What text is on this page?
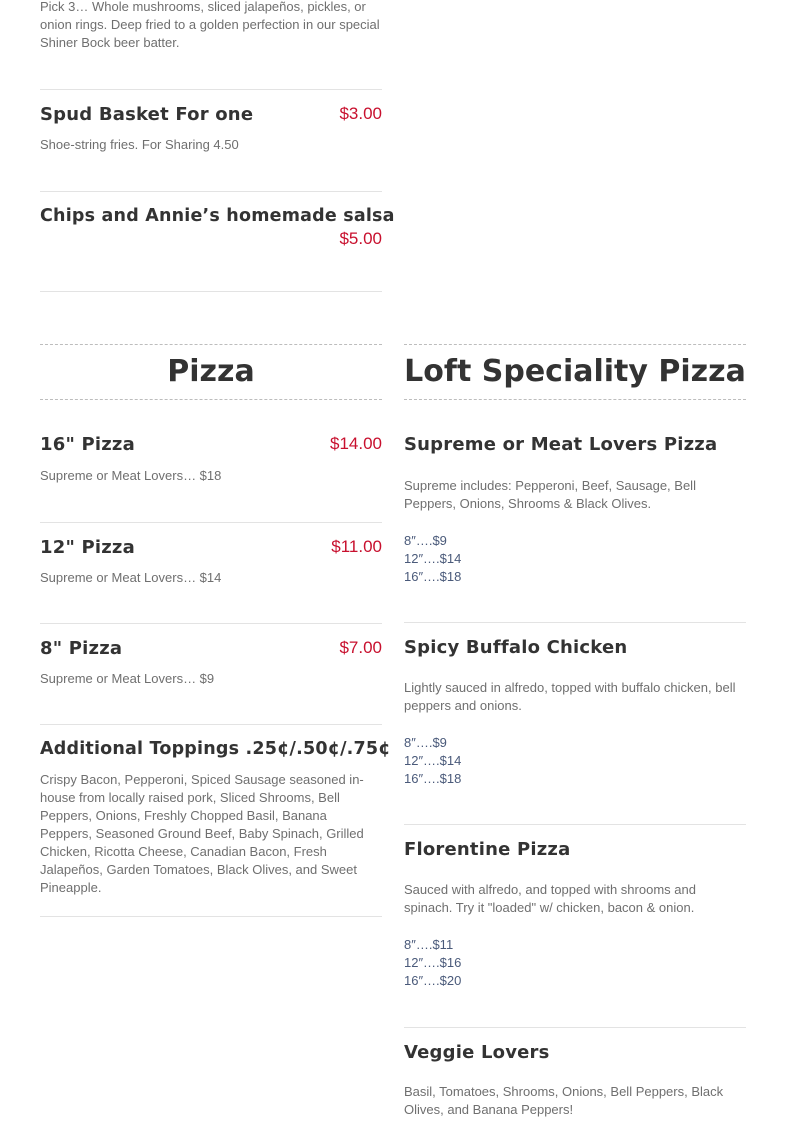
Pick 3… Whole mushrooms, sliced jalapeños, pickles, or onion rings. Deep fried to a golden perfection in our special Shiner Bock beer batter.

Spud Basket For one	$3.00

Shoe-string fries. For Sharing 4.50

Chips and Annie’s homemade salsa

$5.00
Pizza

16" Pizza	$14.00

Supreme or Meat Lovers… $18

12" Pizza	$11.00

Supreme or Meat Lovers… $14

8" Pizza	$7.00

Supreme or Meat Lovers… $9

Additional Toppings .25¢/.50¢/.75¢

Crispy Bacon, Pepperoni, Spiced Sausage seasoned in-house from locally raised pork, Sliced Shrooms, Bell Peppers, Onions, Freshly Chopped Basil, Banana Peppers, Seasoned Ground Beef, Baby Spinach, Grilled Chicken, Ricotta Cheese, Canadian Bacon, Fresh Jalapeños, Garden Tomatoes, Black Olives, and Sweet Pineapple.

Loft Speciality Pizza

Supreme or Meat Lovers Pizza

Supreme includes: Pepperoni, Beef, Sausage, Bell Peppers, Onions, Shrooms & Black Olives.

8″….$9

12″….$14

16″….$18

Spicy Buffalo Chicken

Lightly sauced in alfredo, topped with buffalo chicken, bell peppers and onions.

8″….$9

12″….$14

16″….$18

Florentine Pizza

Sauced with alfredo, and topped with shrooms and spinach. Try it "loaded" w/ chicken, bacon & onion.

8″….$11

12″….$16

16″….$20

Veggie Lovers

Basil, Tomatoes, Shrooms, Onions, Bell Peppers, Black Olives, and Banana Peppers!
